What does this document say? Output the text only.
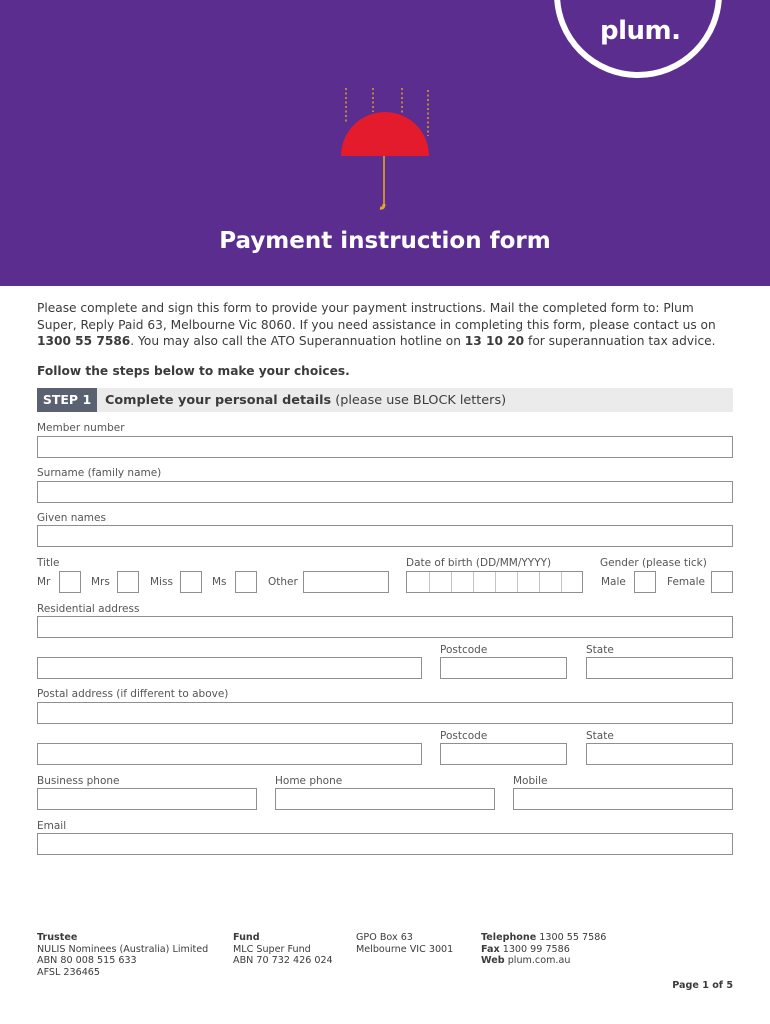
plum.
Payment instruction form
Please complete and sign this form to provide your payment instructions. Mail the completed form to: Plum Super, Reply Paid 63, Melbourne Vic 8060. If you need assistance in completing this form, please contact us on 1300 55 7586. You may also call the ATO Superannuation hotline on 13 10 20 for superannuation tax advice.
Follow the steps below to make your choices.
STEP 1	Complete your personal details (please use BLOCK letters)
Member number
Surname (family name)
Given names
Title
Mr	Mrs	Miss	Ms	Other
Date of birth (DD/MM/YYYY)	Gender (please tick)
Male	Female
Residential address
Postcode	State
Postal address (if different to above)
Postcode	State
Business phone	Home phone	Mobile
Email
Trustee
NULIS Nominees (Australia) Limited
ABN 80 008 515 633
AFSL 236465
Fund
MLC Super Fund
ABN 70 732 426 024
GPO Box 63
Melbourne VIC 3001
Telephone 1300 55 7586
Fax 1300 99 7586
Web plum.com.au
Page 1 of 5
